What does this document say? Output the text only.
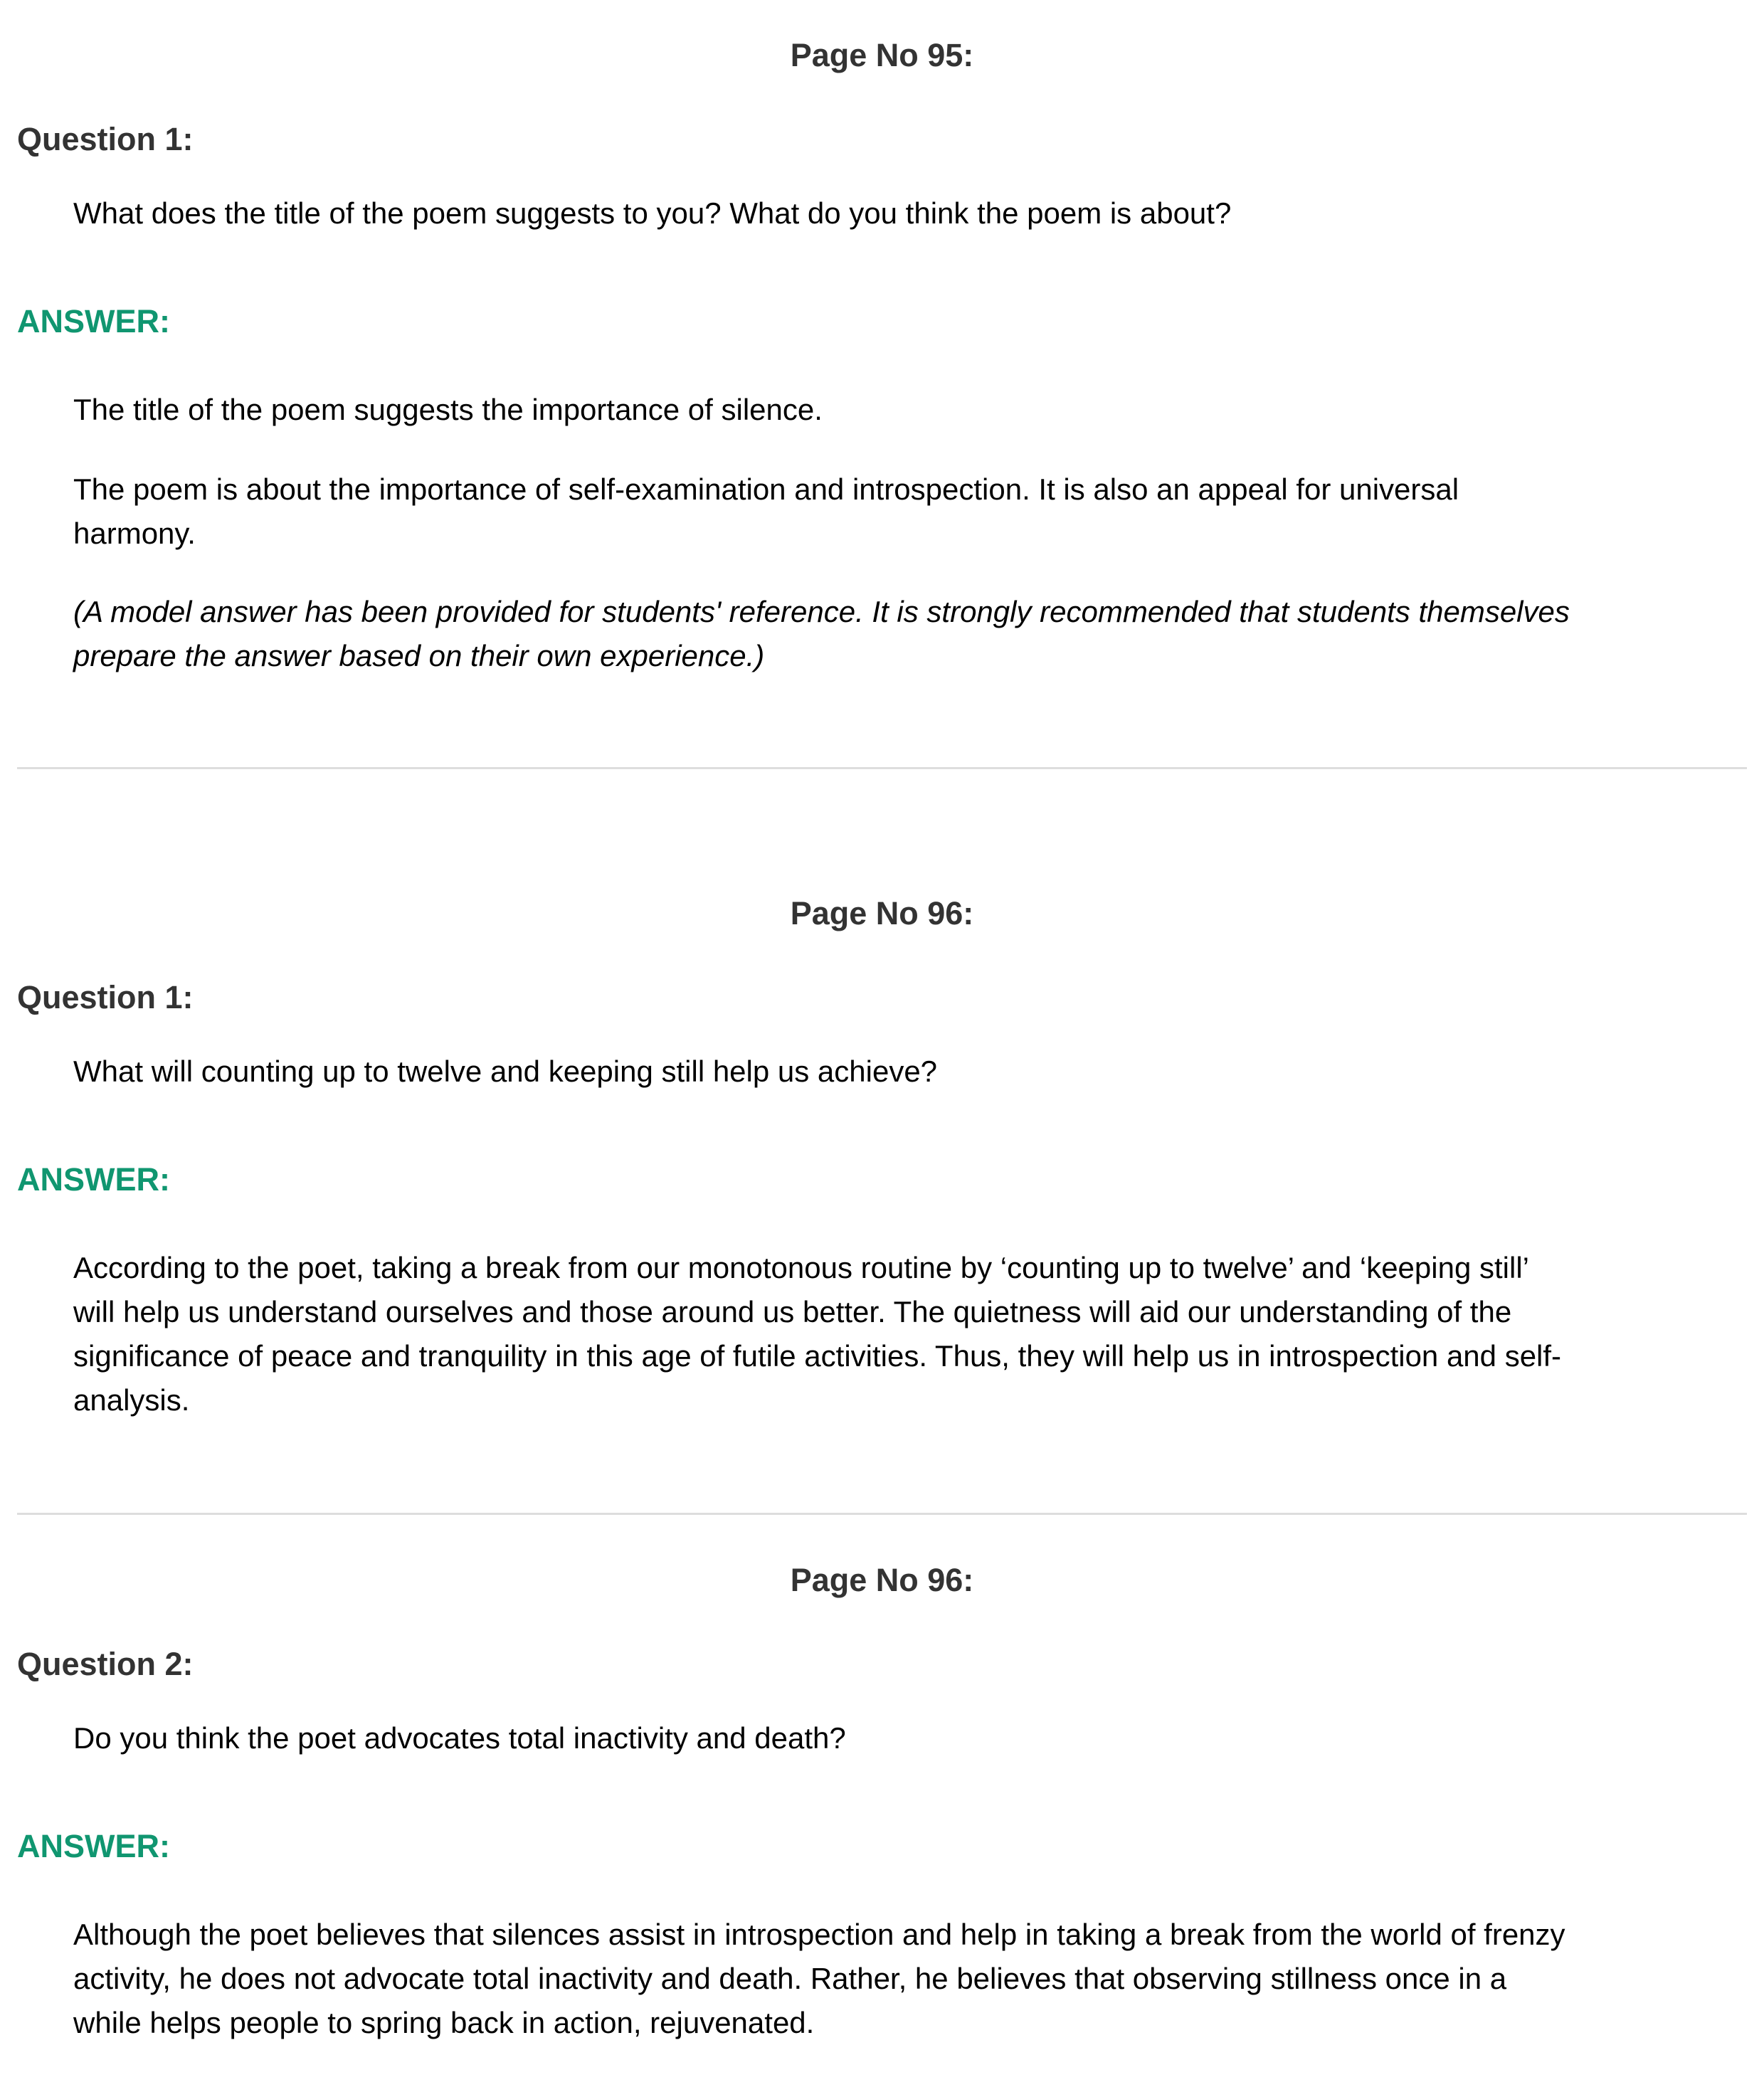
Page No 95:
Question 1:
What does the title of the poem suggests to you? What do you think the poem is about?
ANSWER:
The title of the poem suggests the importance of silence.
The poem is about the importance of self-examination and introspection. It is also an appeal for universal
harmony.
(A model answer has been provided for students' reference. It is strongly recommended that students themselves
prepare the answer based on their own experience.)
Page No 96:
Question 1:
What will counting up to twelve and keeping still help us achieve?
ANSWER:
According to the poet, taking a break from our monotonous routine by ‘counting up to twelve’ and ‘keeping still’
will help us understand ourselves and those around us better. The quietness will aid our understanding of the
significance of peace and tranquility in this age of futile activities. Thus, they will help us in introspection and self-
analysis.
Page No 96:
Question 2:
Do you think the poet advocates total inactivity and death?
ANSWER:
Although the poet believes that silences assist in introspection and help in taking a break from the world of frenzy
activity, he does not advocate total inactivity and death. Rather, he believes that observing stillness once in a
while helps people to spring back in action, rejuvenated.
